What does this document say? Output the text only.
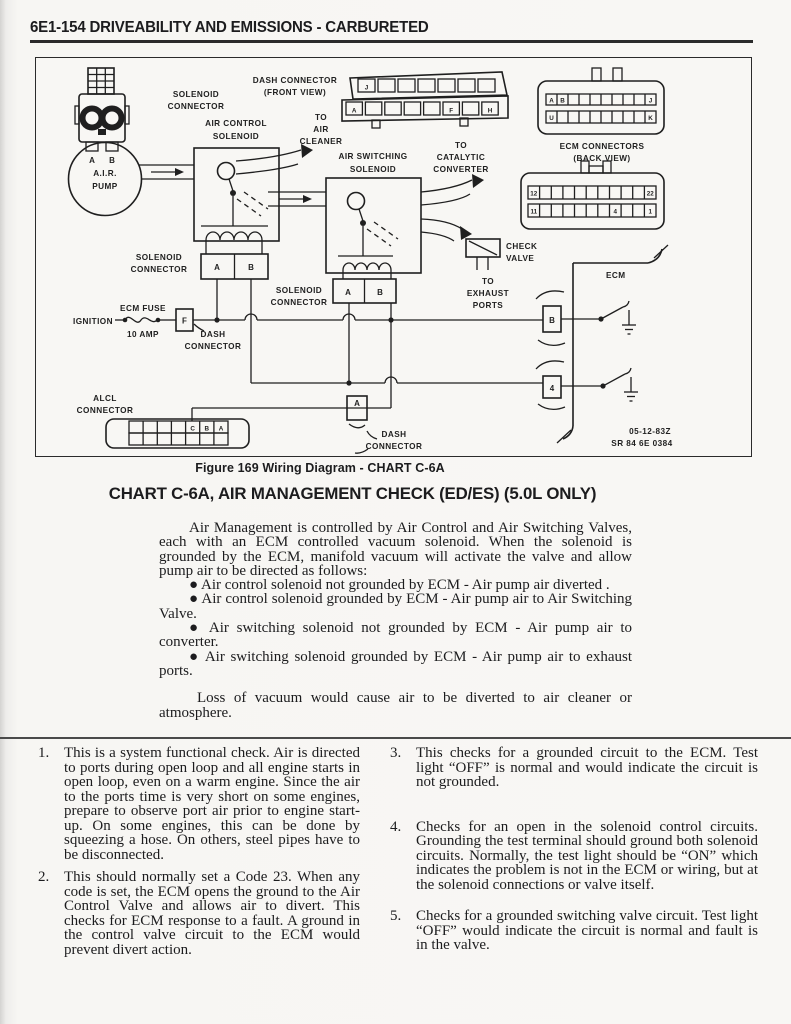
6E1-154 DRIVEABILITY AND EMISSIONS - CARBURETED
A B
SOLENOID
CONNECTOR
A.I.R.
PUMP
AIR CONTROL
SOLENOID
A	B
SOLENOID
CONNECTOR
TO
AIR
CLEANER
AIR SWITCHING
SOLENOID
A	B
SOLENOID
CONNECTOR
TO
CATALYTIC
CONVERTER
CHECK
VALVE
TO
EXHAUST
PORTS
DASH CONNECTOR
(FRONT VIEW)	J
A	F	H
A B	J
U	K
ECM CONNECTORS
(BACK VIEW)
12	22
11	4	1
IGNITION
ECM FUSE
10 AMP
F
DASH
CONNECTOR
ALCL
CONNECTOR
C B A
A
DASH
CONNECTOR
ECM
B
4
05-12-83Z
SR 84 6E 0384
Figure 169 Wiring Diagram - CHART C-6A
CHART C-6A, AIR MANAGEMENT CHECK (ED/ES) (5.0L ONLY)

Air Management is controlled by Air Control and Air Switching Valves, each with an ECM controlled vacuum solenoid. When the solenoid is grounded by the ECM, manifold vacuum will activate the valve and allow pump air to be directed as follows:

● Air control solenoid not grounded by ECM - Air pump air diverted .

● Air control solenoid grounded by ECM - Air pump air to Air Switching Valve.

● Air switching solenoid not grounded by ECM - Air pump air to converter.

● Air switching solenoid grounded by ECM - Air pump air to exhaust ports.

Loss of vacuum would cause air to be diverted to air cleaner or atmosphere.

1. This is a system functional check. Air is directed to ports during open loop and all engine starts in open loop, even on a warm engine. Since the air to the ports time is very short on some engines, prepare to observe port air prior to engine start-up. On some engines, this can be done by squeezing a hose. On others, steel pipes have to be disconnected.
2. This should normally set a Code 23. When any code is set, the ECM opens the ground to the Air Control Valve and allows air to divert. This checks for ECM response to a fault. A ground in the control valve circuit to the ECM would prevent divert action.
3. This checks for a grounded circuit to the ECM. Test light “OFF” is normal and would indicate the circuit is not grounded.
4. Checks for an open in the solenoid control circuits. Grounding the test terminal should ground both solenoid circuits. Normally, the test light should be “ON” which indicates the problem is not in the ECM or wiring, but at the solenoid connections or valve itself.
5. Checks for a grounded switching valve circuit. Test light “OFF” would indicate the circuit is normal and fault is in the valve.
